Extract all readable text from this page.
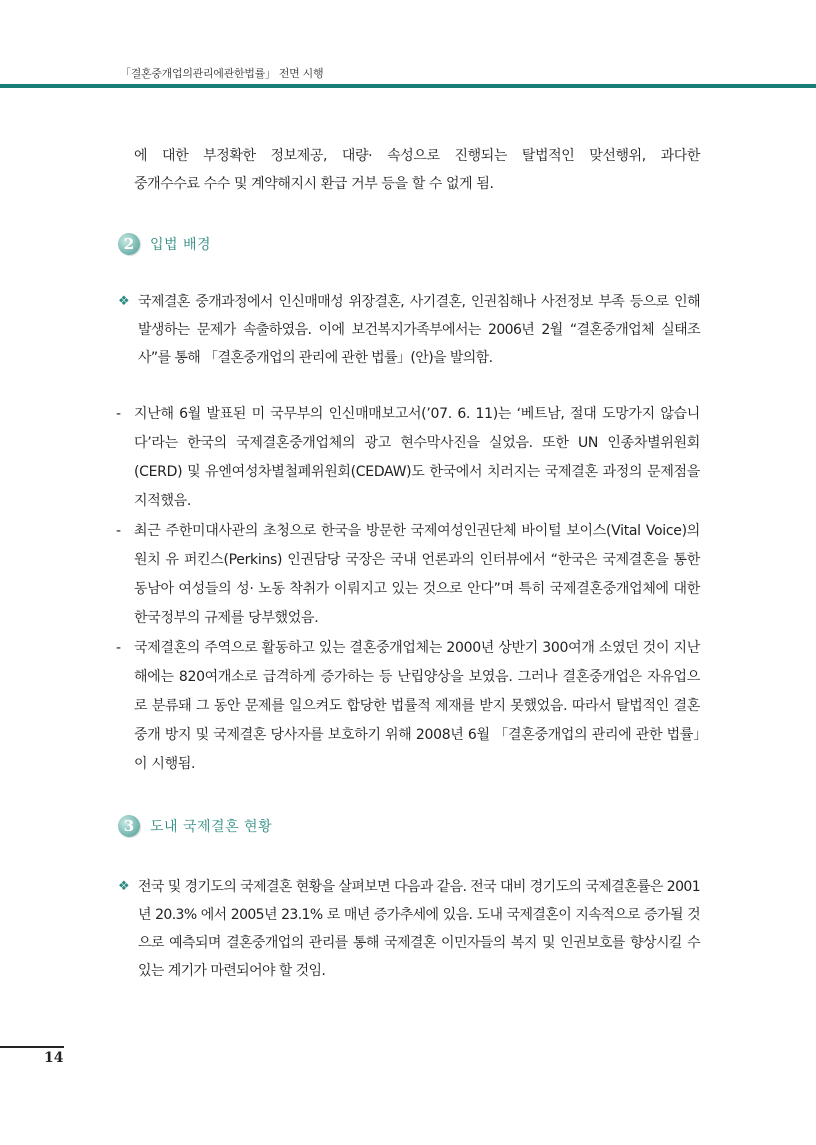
「결혼중개업의관리에관한법률」 전면 시행

에 대한 부정확한 정보제공, 대량· 속성으로 진행되는 탈법적인 맞선행위, 과다한

중개수수료 수수 및 계약해지시 환급 거부 등을 할 수 없게 됨.

2	입법 배경
❖ 국제결혼 중개과정에서 인신매매성 위장결혼, 사기결혼, 인권침해나 사전정보 부족 등으로 인해 발생하는 문제가 속출하였음. 이에 보건복지가족부에서는 2006년 2월 “결혼중개업체 실태조사”를 통해 「결혼중개업의 관리에 관한 법률」(안)을 발의함.
- 지난해 6월 발표된 미 국무부의 인신매매보고서(’07. 6. 11)는 ‘베트남, 절대 도망가지 않습니다’라는 한국의 국제결혼중개업체의 광고 현수막사진을 실었음. 또한 UN 인종차별위원회(CERD) 및 유엔여성차별철폐위원회(CEDAW)도 한국에서 치러지는 국제결혼 과정의 문제점을 지적했음.
- 최근 주한미대사관의 초청으로 한국을 방문한 국제여성인권단체 바이털 보이스(Vital Voice)의 원치 유 퍼킨스(Perkins) 인권담당 국장은 국내 언론과의 인터뷰에서 “한국은 국제결혼을 통한 동남아 여성들의 성· 노동 착취가 이뤄지고 있는 것으로 안다”며 특히 국제결혼중개업체에 대한 한국정부의 규제를 당부했었음.
- 국제결혼의 주역으로 활동하고 있는 결혼중개업체는 2000년 상반기 300여개 소였던 것이 지난해에는 820여개소로 급격하게 증가하는 등 난립양상을 보였음. 그러나 결혼중개업은 자유업으로 분류돼 그 동안 문제를 일으켜도 합당한 법률적 제재를 받지 못했었음. 따라서 탈법적인 결혼중개 방지 및 국제결혼 당사자를 보호하기 위해 2008년 6월 「결혼중개업의 관리에 관한 법률」이 시행됨.
3	도내 국제결혼 현황
❖ 전국 및 경기도의 국제결혼 현황을 살펴보면 다음과 같음. 전국 대비 경기도의 국제결혼률은 2001년 20.3% 에서 2005년 23.1% 로 매년 증가추세에 있음. 도내 국제결혼이 지속적으로 증가될 것으로 예측되며 결혼중개업의 관리를 통해 국제결혼 이민자들의 복지 및 인권보호를 향상시킬 수 있는 계기가 마련되어야 할 것임.
14
